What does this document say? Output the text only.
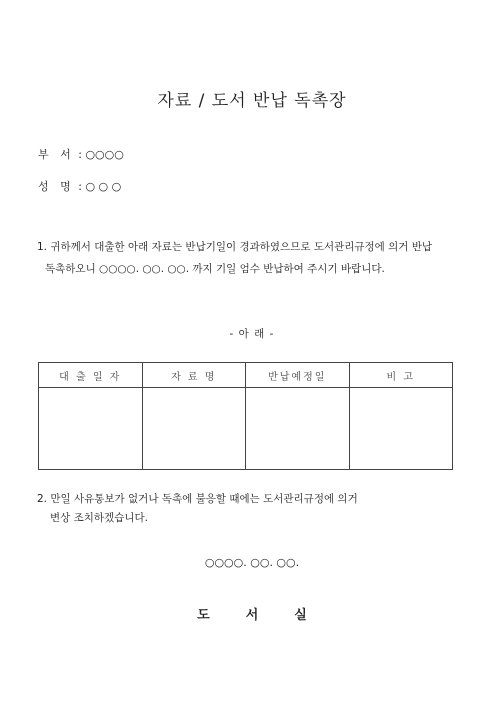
자료 / 도서 반납 독촉장
부 서 : ○○○○
성 명 : ○ ○ ○
1. 귀하께서 대출한 아래 자료는 반납기일이 경과하였으므로 도서관리규정에 의거 반납
독촉하오니 ○○○○. ○○. ○○. 까지 기일 엄수 반납하여 주시기 바랍니다.
- 아 래 -
대 출 일 자	자 료 명	반납예정일	비 고

2. 만일 사유통보가 없거나 독촉에 불응할 때에는 도서관리규정에 의거
변상 조치하겠습니다.
○○○○. ○○. ○○.
도서실
